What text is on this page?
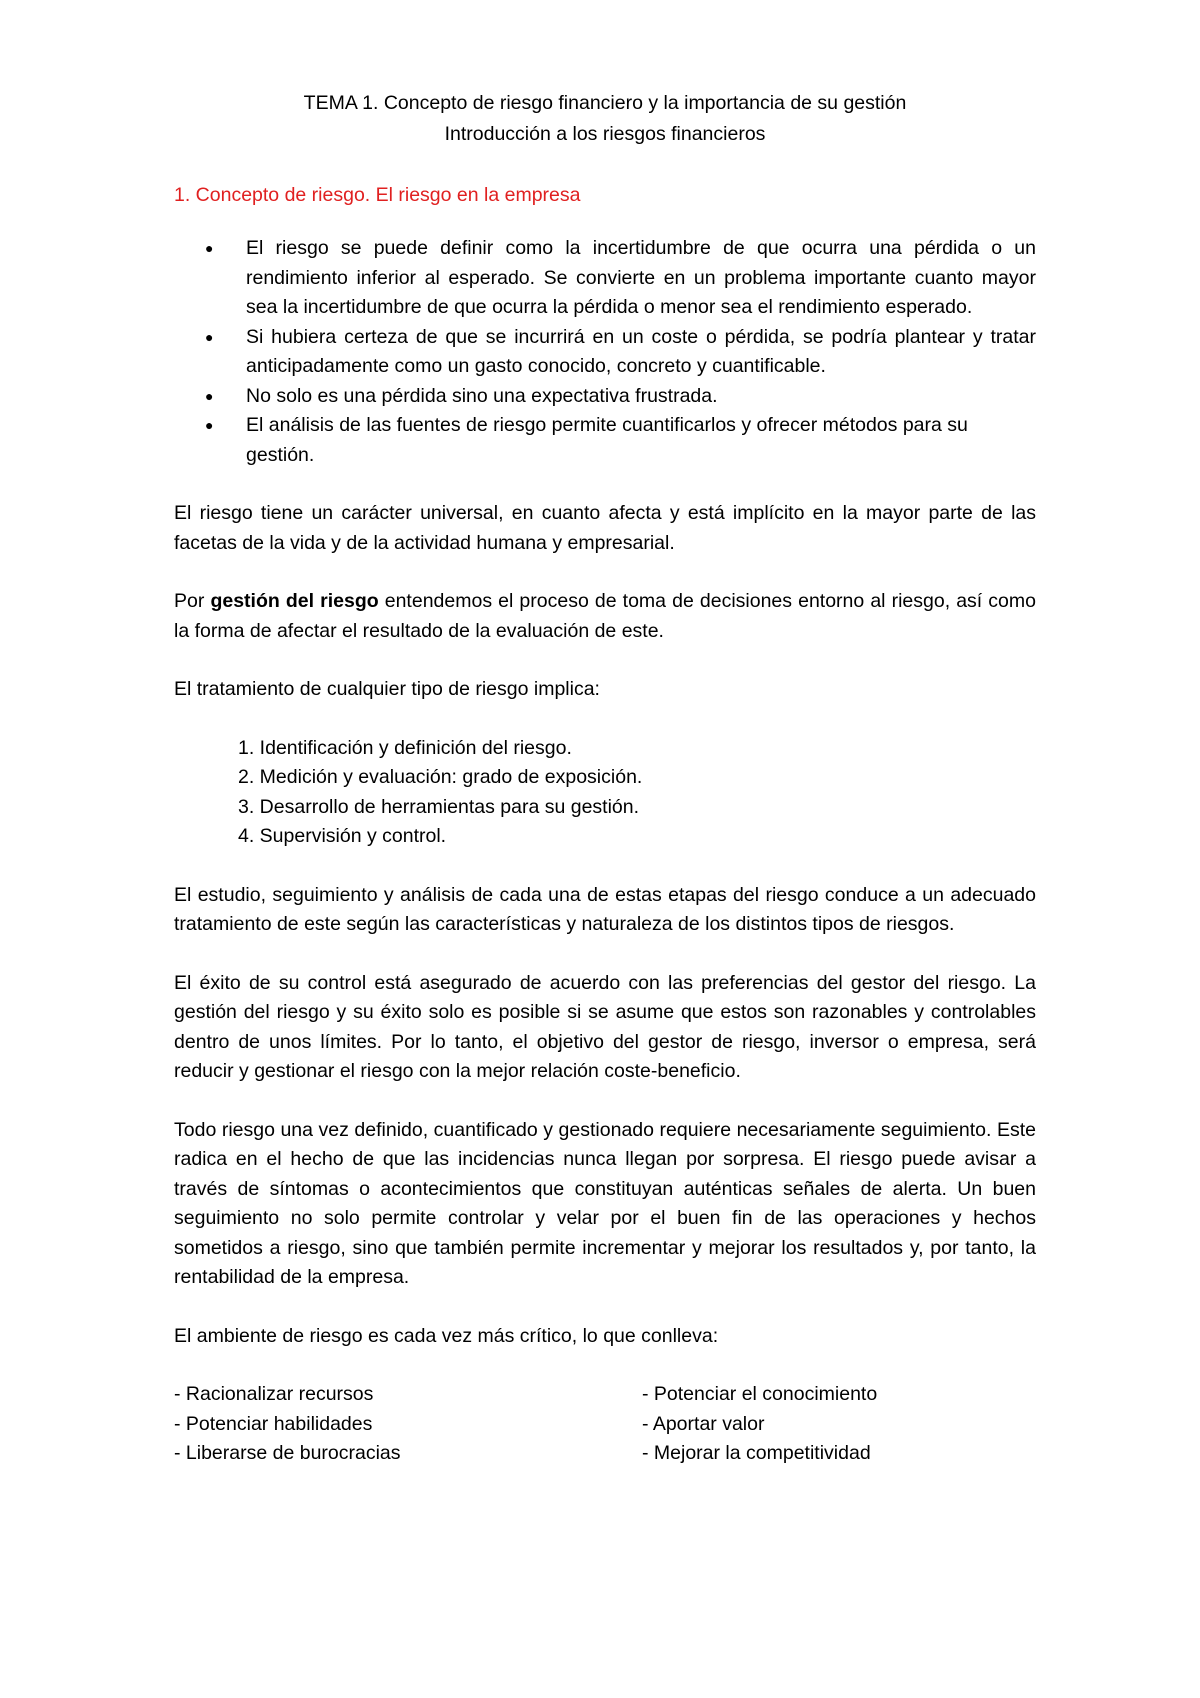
TEMA 1. Concepto de riesgo financiero y la importancia de su gestión
Introducción a los riesgos financieros

1. Concepto de riesgo. El riesgo en la empresa

● El riesgo se puede definir como la incertidumbre de que ocurra una pérdida o un rendimiento inferior al esperado. Se convierte en un problema importante cuanto mayor sea la incertidumbre de que ocurra la pérdida o menor sea el rendimiento esperado.
● Si hubiera certeza de que se incurrirá en un coste o pérdida, se podría plantear y tratar anticipadamente como un gasto conocido, concreto y cuantificable.
● No solo es una pérdida sino una expectativa frustrada.
● El análisis de las fuentes de riesgo permite cuantificarlos y ofrecer métodos para su gestión.

El riesgo tiene un carácter universal, en cuanto afecta y está implícito en la mayor parte de las facetas de la vida y de la actividad humana y empresarial.

Por gestión del riesgo entendemos el proceso de toma de decisiones entorno al riesgo, así como la forma de afectar el resultado de la evaluación de este.

El tratamiento de cualquier tipo de riesgo implica:

1. Identificación y definición del riesgo.
2. Medición y evaluación: grado de exposición.
3. Desarrollo de herramientas para su gestión.
4. Supervisión y control.

El estudio, seguimiento y análisis de cada una de estas etapas del riesgo conduce a un adecuado tratamiento de este según las características y naturaleza de los distintos tipos de riesgos.

El éxito de su control está asegurado de acuerdo con las preferencias del gestor del riesgo. La gestión del riesgo y su éxito solo es posible si se asume que estos son razonables y controlables dentro de unos límites. Por lo tanto, el objetivo del gestor de riesgo, inversor o empresa, será reducir y gestionar el riesgo con la mejor relación coste-beneficio.

Todo riesgo una vez definido, cuantificado y gestionado requiere necesariamente seguimiento. Este radica en el hecho de que las incidencias nunca llegan por sorpresa. El riesgo puede avisar a través de síntomas o acontecimientos que constituyan auténticas señales de alerta. Un buen seguimiento no solo permite controlar y velar por el buen fin de las operaciones y hechos sometidos a riesgo, sino que también permite incrementar y mejorar los resultados y, por tanto, la rentabilidad de la empresa.

El ambiente de riesgo es cada vez más crítico, lo que conlleva:

- Racionalizar recursos
- Potenciar habilidades
- Liberarse de burocracias
- Potenciar el conocimiento
- Aportar valor
- Mejorar la competitividad
